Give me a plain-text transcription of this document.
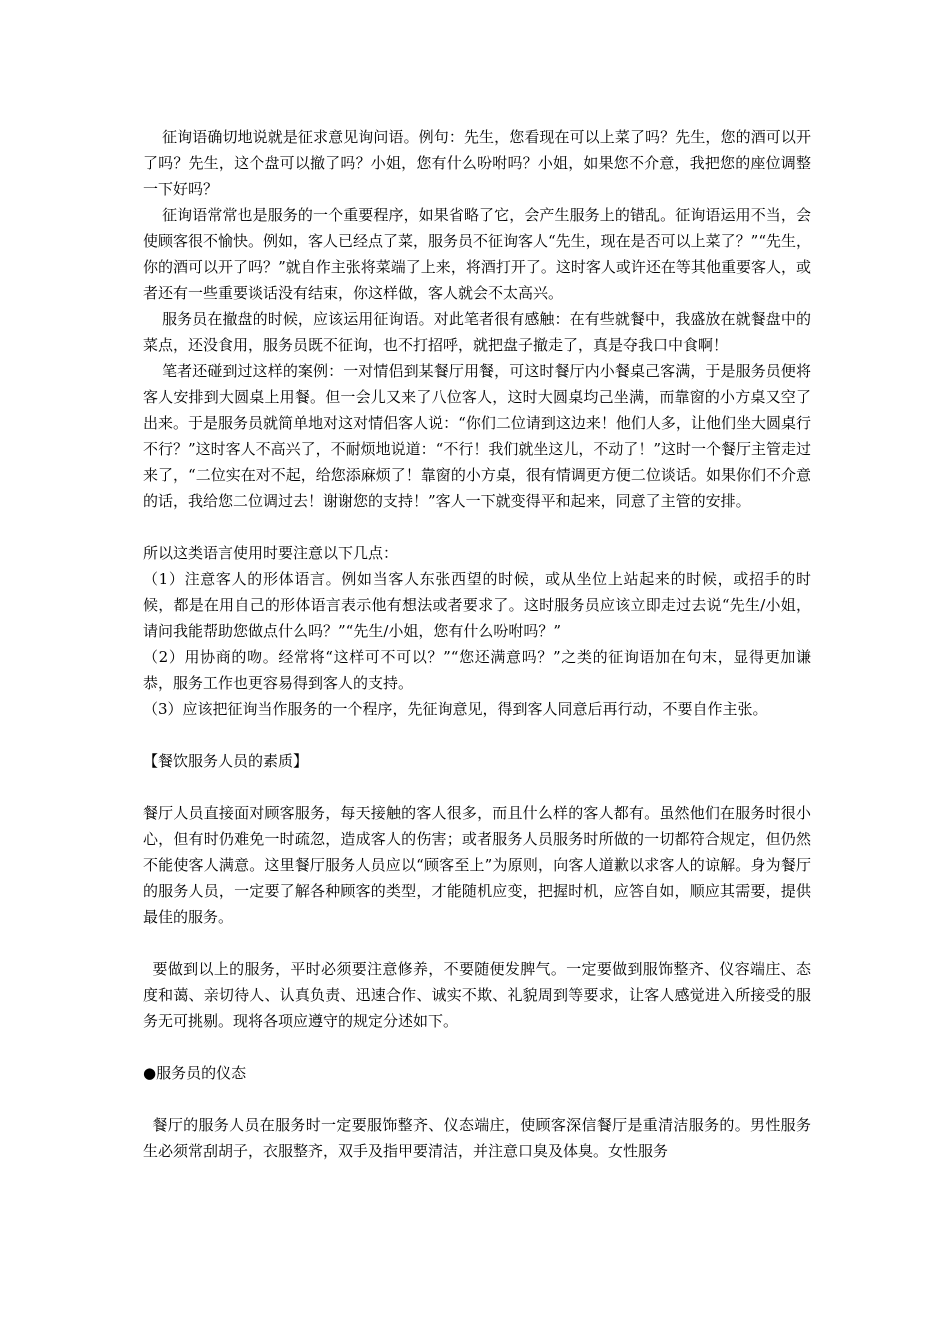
征询语确切地说就是征求意见询问语。例句：先生，您看现在可以上菜了吗？先生，您的酒可以开了吗？先生，这个盘可以撤了吗？小姐，您有什么吩咐吗？小姐，如果您不介意，我把您的座位调整一下好吗？

征询语常常也是服务的一个重要程序，如果省略了它，会产生服务上的错乱。征询语运用不当，会使顾客很不愉快。例如，客人已经点了菜，服务员不征询客人“先生，现在是否可以上菜了？”“先生，你的酒可以开了吗？”就自作主张将菜端了上来，将酒打开了。这时客人或许还在等其他重要客人，或者还有一些重要谈话没有结束，你这样做，客人就会不太高兴。

服务员在撤盘的时候，应该运用征询语。对此笔者很有感触：在有些就餐中，我盛放在就餐盘中的菜点，还没食用，服务员既不征询，也不打招呼，就把盘子撤走了，真是夺我口中食啊！

笔者还碰到过这样的案例：一对情侣到某餐厅用餐，可这时餐厅内小餐桌己客满，于是服务员便将客人安排到大圆桌上用餐。但一会儿又来了八位客人，这时大圆桌均己坐满，而靠窗的小方桌又空了出来。于是服务员就简单地对这对情侣客人说：“你们二位请到这边来！他们人多，让他们坐大圆桌行不行？”这时客人不高兴了，不耐烦地说道：“不行！我们就坐这儿，不动了！”这时一个餐厅主管走过来了，“二位实在对不起，给您添麻烦了！靠窗的小方桌，很有情调更方便二位谈话。如果你们不介意的话，我给您二位调过去！谢谢您的支持！”客人一下就变得平和起来，同意了主管的安排。

所以这类语言使用时要注意以下几点：

（1）注意客人的形体语言。例如当客人东张西望的时候，或从坐位上站起来的时候，或招手的时候，都是在用自己的形体语言表示他有想法或者要求了。这时服务员应该立即走过去说“先生/小姐，请问我能帮助您做点什么吗？”“先生/小姐，您有什么吩咐吗？”
（2）用协商的吻。经常将“这样可不可以？”“您还满意吗？”之类的征询语加在句末，显得更加谦恭，服务工作也更容易得到客人的支持。
（3）应该把征询当作服务的一个程序，先征询意见，得到客人同意后再行动，不要自作主张。

【餐饮服务人员的素质】

餐厅人员直接面对顾客服务，每天接触的客人很多，而且什么样的客人都有。虽然他们在服务时很小心，但有时仍难免一时疏忽，造成客人的伤害；或者服务人员服务时所做的一切都符合规定，但仍然不能使客人满意。这里餐厅服务人员应以“顾客至上”为原则，向客人道歉以求客人的谅解。身为餐厅的服务人员，一定要了解各种顾客的类型，才能随机应变，把握时机，应答自如，顺应其需要，提供最佳的服务。

要做到以上的服务，平时必须要注意修养，不要随便发脾气。一定要做到服饰整齐、仪容端庄、态度和蔼、亲切待人、认真负责、迅速合作、诚实不欺、礼貌周到等要求，让客人感觉进入所接受的服务无可挑剔。现将各项应遵守的规定分述如下。

●服务员的仪态

餐厅的服务人员在服务时一定要服饰整齐、仪态端庄，使顾客深信餐厅是重清洁服务的。男性服务生必须常刮胡子，衣服整齐，双手及指甲要清洁，并注意口臭及体臭。女性服务
